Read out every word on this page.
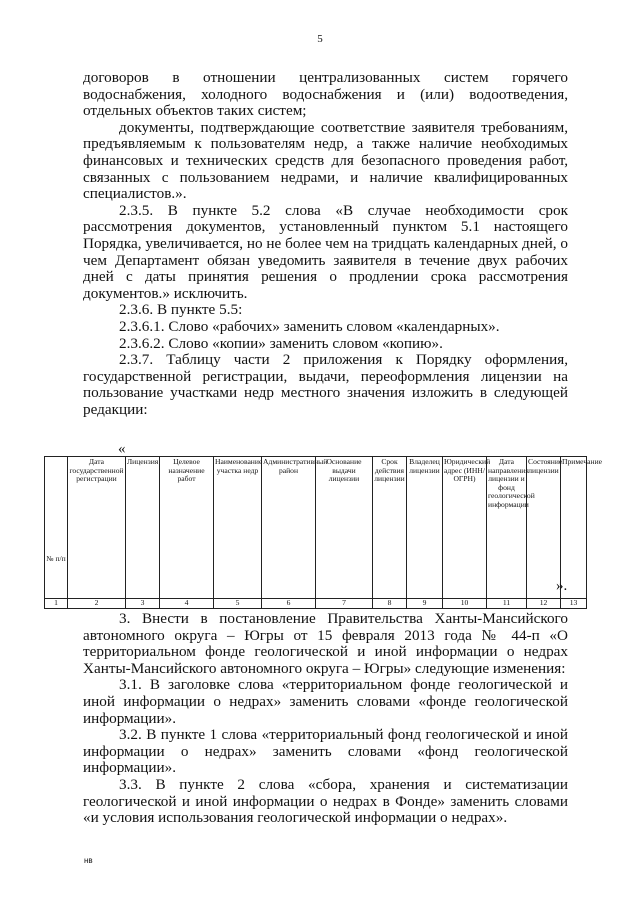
5

договоров в отношении централизованных систем горячего водоснабжения, холодного водоснабжения и (или) водоотведения, отдельных объектов таких систем;

документы, подтверждающие соответствие заявителя требованиям, предъявляемым к пользователям недр, а также наличие необходимых финансовых и технических средств для безопасного проведения работ, связанных с пользованием недрами, и наличие квалифицированных специалистов.».

2.3.5. В пункте 5.2 слова «В случае необходимости срок рассмотрения документов, установленный пунктом 5.1 настоящего Порядка, увеличивается, но не более чем на тридцать календарных дней, о чем Департамент обязан уведомить заявителя в течение двух рабочих дней с даты принятия решения о продлении срока рассмотрения документов.» исключить.

2.3.6. В пункте 5.5:

2.3.6.1. Слово «рабочих» заменить словом «календарных».

2.3.6.2. Слово «копии» заменить словом «копию».

2.3.7. Таблицу части 2 приложения к Порядку оформления, государственной регистрации, выдачи, переоформления лицензии на пользование участками недр местного значения изложить в следующей редакции:

«
№ п/п	Дата государственной регистрации	Лицензия	Целевое назначение работ	Наименование участка недр	Административный район	Основание выдачи лицензии	Срок действия лицензии	Владелец лицензии	Юридический адрес (ИНН/ОГРН)	Дата направления лицензии и фонд геологической информации	Состояние лицензии	Примечание
1	2	3	4	5	6	7	8	9	10	11	12	13
».

3. Внести в постановление Правительства Ханты-Мансийского автономного округа – Югры от 15 февраля 2013 года № 44-п «О территориальном фонде геологической и иной информации о недрах Ханты-Мансийского автономного округа – Югры» следующие изменения:

3.1. В заголовке слова «территориальном фонде геологической и иной информации о недрах» заменить словами «фонде геологической информации».

3.2. В пункте 1 слова «территориальный фонд геологической и иной информации о недрах» заменить словами «фонд геологической информации».

3.3. В пункте 2 слова «сбора, хранения и систематизации геологической и иной информации о недрах в Фонде» заменить словами «и условия использования геологической информации о недрах».

нв
